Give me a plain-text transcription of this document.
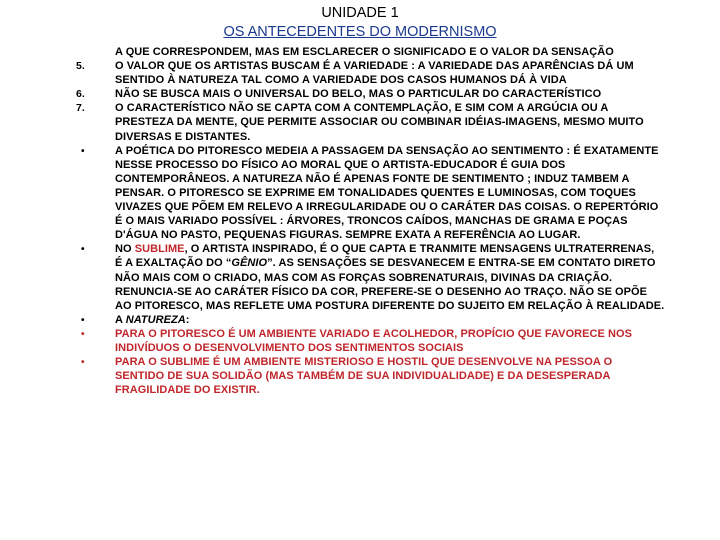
UNIDADE 1
OS ANTECEDENTES DO MODERNISMO
A QUE CORRESPONDEM, MAS EM ESCLARECER O SIGNIFICADO E O VALOR DA SENSAÇÃO
5.	O VALOR QUE OS ARTISTAS BUSCAM É A VARIEDADE : A VARIEDADE DAS APARÊNCIAS DÁ UM
SENTIDO À NATUREZA TAL COMO A VARIEDADE DOS CASOS HUMANOS DÁ À VIDA
6.	NÃO SE BUSCA MAIS O UNIVERSAL DO BELO, MAS O PARTICULAR DO CARACTERÍSTICO
7.	O CARACTERÍSTICO NÃO SE CAPTA COM A CONTEMPLAÇÃO, E SIM COM A ARGÚCIA OU A
PRESTEZA DA MENTE, QUE PERMITE ASSOCIAR OU COMBINAR IDÉIAS-IMAGENS, MESMO MUITO
DIVERSAS E DISTANTES.
•	A POÉTICA DO PITORESCO MEDEIA A PASSAGEM DA SENSAÇÃO AO SENTIMENTO : É EXATAMENTE
NESSE PROCESSO DO FÍSICO AO MORAL QUE O ARTISTA-EDUCADOR É GUIA DOS
CONTEMPORÂNEOS. A NATUREZA NÃO É APENAS FONTE DE SENTIMENTO ; INDUZ TAMBEM A
PENSAR. O PITORESCO SE EXPRIME EM TONALIDADES QUENTES E LUMINOSAS, COM TOQUES
VIVAZES QUE PÕEM EM RELEVO A IRREGULARIDADE OU O CARÁTER DAS COISAS. O REPERTÓRIO
É O MAIS VARIADO POSSÍVEL : ÁRVORES, TRONCOS CAÍDOS, MANCHAS DE GRAMA E POÇAS
D'ÁGUA NO PASTO, PEQUENAS FIGURAS. SEMPRE EXATA A REFERÊNCIA AO LUGAR.
•	NO SUBLIME, O ARTISTA INSPIRADO, É O QUE CAPTA E TRANMITE MENSAGENS ULTRATERRENAS,
É A EXALTAÇÃO DO “GÊNIO”. AS SENSAÇÕES SE DESVANECEM E ENTRA-SE EM CONTATO DIRETO
NÃO MAIS COM O CRIADO, MAS COM AS FORÇAS SOBRENATURAIS, DIVINAS DA CRIAÇÃO.
RENUNCIA-SE AO CARÁTER FÍSICO DA COR, PREFERE-SE O DESENHO AO TRAÇO. NÃO SE OPÕE
AO PITORESCO, MAS REFLETE UMA POSTURA DIFERENTE DO SUJEITO EM RELAÇÃO À REALIDADE.
•	A NATUREZA:
•	PARA O PITORESCO É UM AMBIENTE VARIADO E ACOLHEDOR, PROPÍCIO QUE FAVORECE NOS
INDIVÍDUOS O DESENVOLVIMENTO DOS SENTIMENTOS SOCIAIS
•	PARA O SUBLIME É UM AMBIENTE MISTERIOSO E HOSTIL QUE DESENVOLVE NA PESSOA O
SENTIDO DE SUA SOLIDÃO (MAS TAMBÉM DE SUA INDIVIDUALIDADE) E DA DESESPERADA
FRAGILIDADE DO EXISTIR.
